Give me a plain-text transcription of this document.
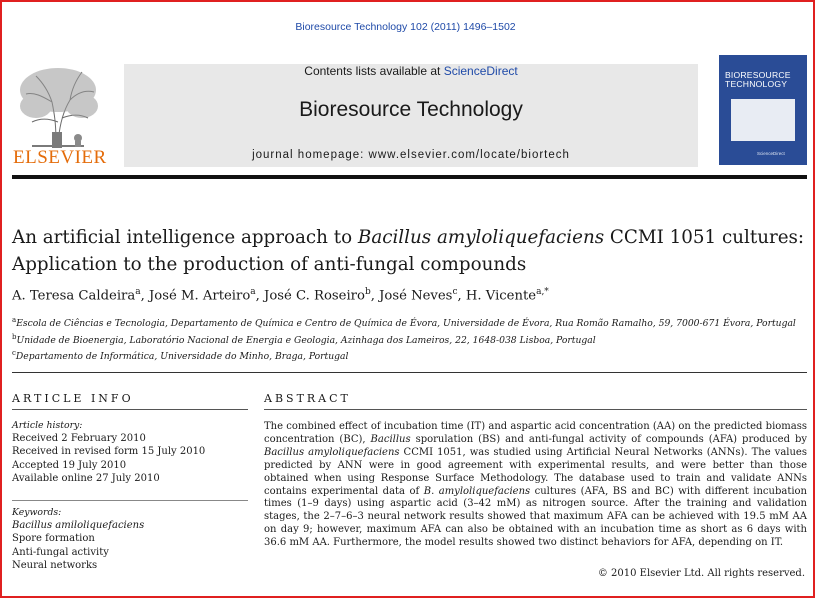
Bioresource Technology 102 (2011) 1496–1502
ELSEVIER
Contents lists available at ScienceDirect
Bioresource Technology
journal homepage: www.elsevier.com/locate/biortech
BIORESOURCE TECHNOLOGY
ScienceDirect
An artificial intelligence approach to Bacillus amyloliquefaciens CCMI 1051 cultures:
Application to the production of anti-fungal compounds
A. Teresa Caldeira$^a$, José M. Arteiro$^a$, José C. Roseiro$^b$, José Neves$^c$, H. Vicente$^{a,*}$
$^a$Escola de Ciências e Tecnologia, Departamento de Química e Centro de Química de Évora, Universidade de Évora, Rua Romão Ramalho, 59, 7000-671 Évora, Portugal
$^b$Unidade de Bioenergia, Laboratório Nacional de Energia e Geologia, Azinhaga dos Lameiros, 22, 1648-038 Lisboa, Portugal
$^c$Departamento de Informática, Universidade do Minho, Braga, Portugal
ARTICLE INFO
Article history:
Received 2 February 2010
Received in revised form 15 July 2010
Accepted 19 July 2010
Available online 27 July 2010
Keywords:
Bacillus amiloliquefaciens
Spore formation
Anti-fungal activity
Neural networks
ABSTRACT
The combined effect of incubation time (IT) and aspartic acid concentration (AA) on the predicted biomass concentration (BC), Bacillus sporulation (BS) and anti-fungal activity of compounds (AFA) produced by Bacillus amyloliquefaciens CCMI 1051, was studied using Artificial Neural Networks (ANNs). The values predicted by ANN were in good agreement with experimental results, and were better than those obtained when using Response Surface Methodology. The database used to train and validate ANNs contains experimental data of B. amyloliquefaciens cultures (AFA, BS and BC) with different incubation times (1–9 days) using aspartic acid (3–42 mM) as nitrogen source. After the training and validation stages, the 2–7–6–3 neural network results showed that maximum AFA can be achieved with 19.5 mM AA on day 9; however, maximum AFA can also be obtained with an incubation time as short as 6 days with 36.6 mM AA. Furthermore, the model results showed two distinct behaviors for AFA, depending on IT.
© 2010 Elsevier Ltd. All rights reserved.
